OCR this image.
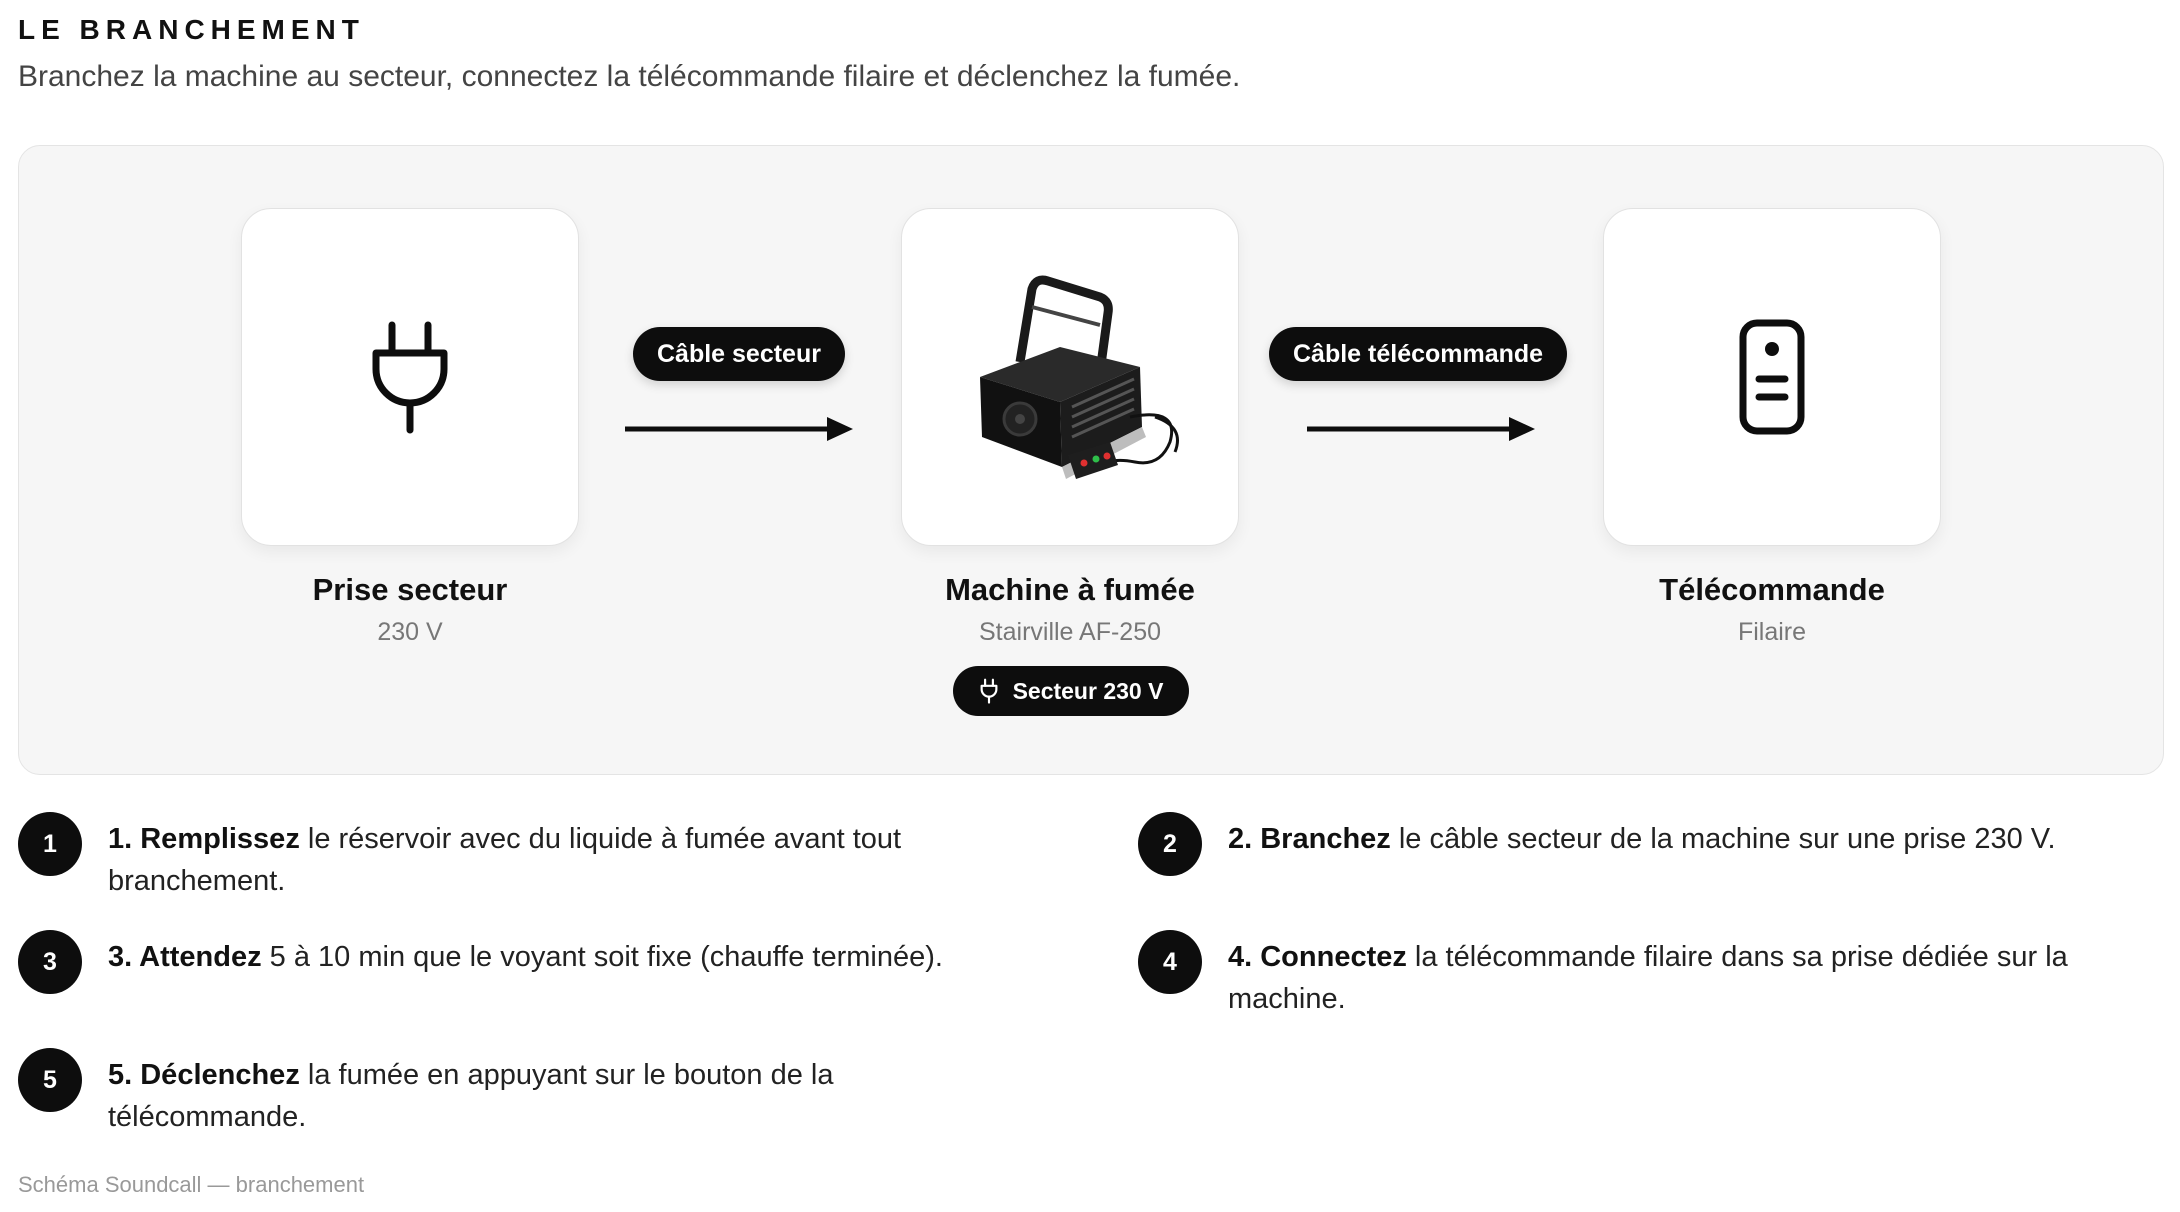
LE BRANCHEMENT
Branchez la machine au secteur, connectez la télécommande filaire et déclenchez la fumée.
Prise secteur
230 V
Câble secteur
Machine à fumée
Stairville AF-250
Secteur 230 V
Câble télécommande
Télécommande
Filaire
1	1. Remplissez le réservoir avec du liquide à fumée avant tout branchement.
2	2. Branchez le câble secteur de la machine sur une prise 230 V.
3	3. Attendez 5 à 10 min que le voyant soit fixe (chauffe terminée).	4	4. Connectez la télécommande filaire dans sa prise dédiée sur la machine.
5	5. Déclenchez la fumée en appuyant sur le bouton de la télécommande.
Schéma Soundcall — branchement
